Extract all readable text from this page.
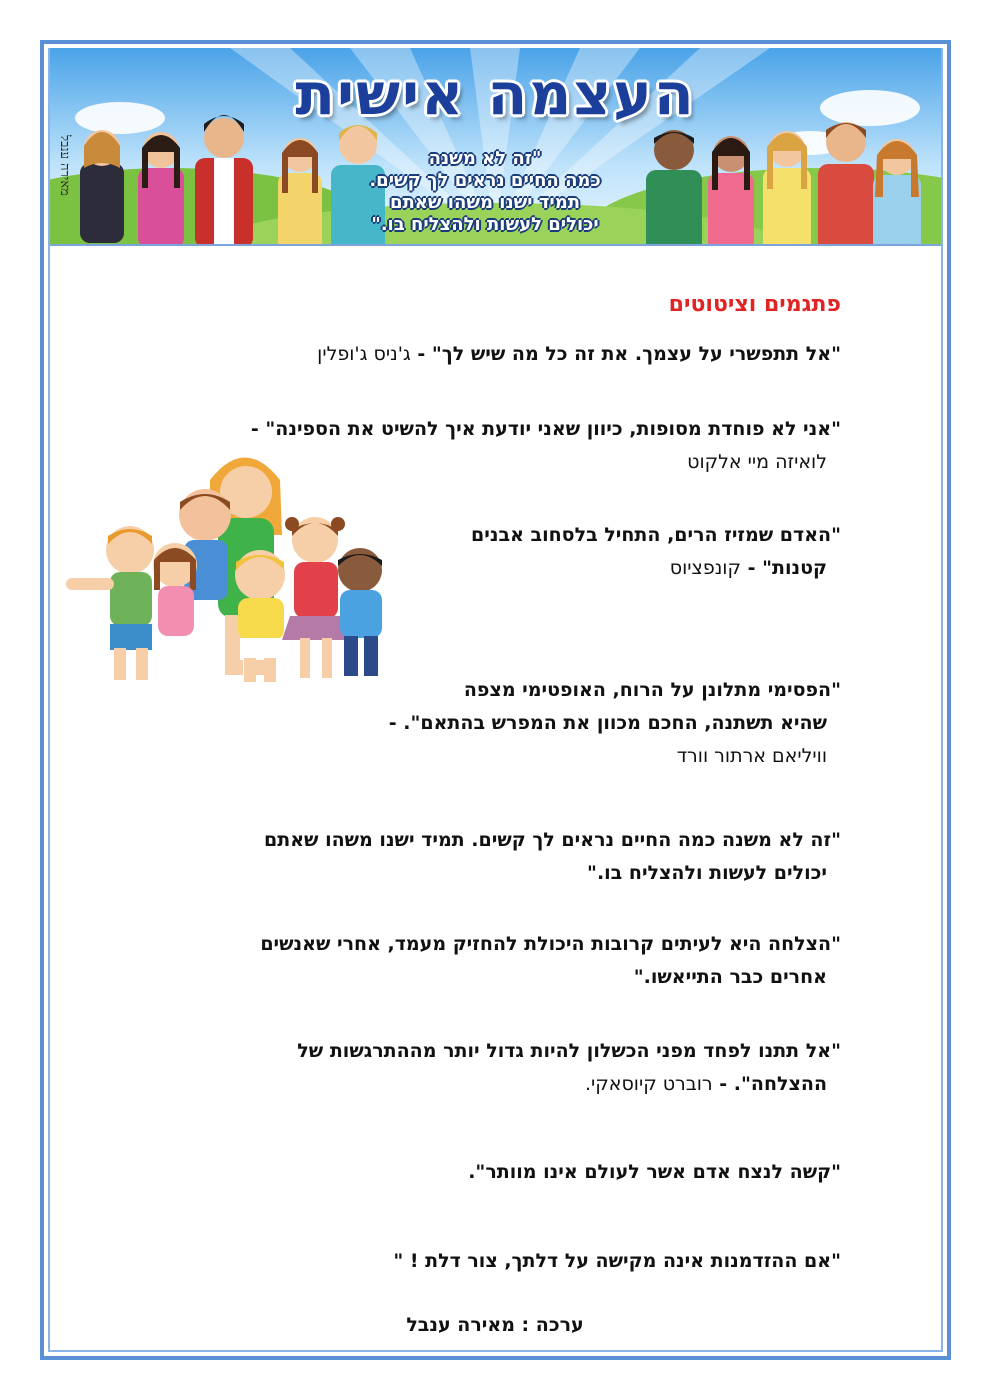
העצמה אישית
"זה לא משנה
כמה החיים נראים לך קשים.
תמיד ישנו משהו שאתם
יכולים לעשות ולהצליח בו."
מאירה ענבל
פתגמים וציטוטים
"אל תתפשרי על עצמך. את זה כל מה שיש לך" - ג'ניס ג'ופלין
"אני לא פוחדת מסופות, כיוון שאני יודעת איך להשיט את הספינה" -
לואיזה מיי אלקוט
"האדם שמזיז הרים, התחיל בלסחוב אבנים
קטנות" - קונפציוס
"הפסימי מתלונן על הרוח, האופטימי מצפה
שהיא תשתנה, החכם מכוון את המפרש בהתאם". -
וויליאם ארתור וורד
"זה לא משנה כמה החיים נראים לך קשים. תמיד ישנו משהו שאתם
יכולים לעשות ולהצליח בו."
"הצלחה היא לעיתים קרובות היכולת להחזיק מעמד, אחרי שאנשים
אחרים כבר התייאשו."
"אל תתנו לפחד מפני הכשלון להיות גדול יותר מההתרגשות של
ההצלחה". - רוברט קיוסאקי.
"קשה לנצח אדם אשר לעולם אינו מוותר".
"אם ההזדמנות אינה מקישה על דלתך, צור דלת ! "
ערכה : מאירה ענבל
